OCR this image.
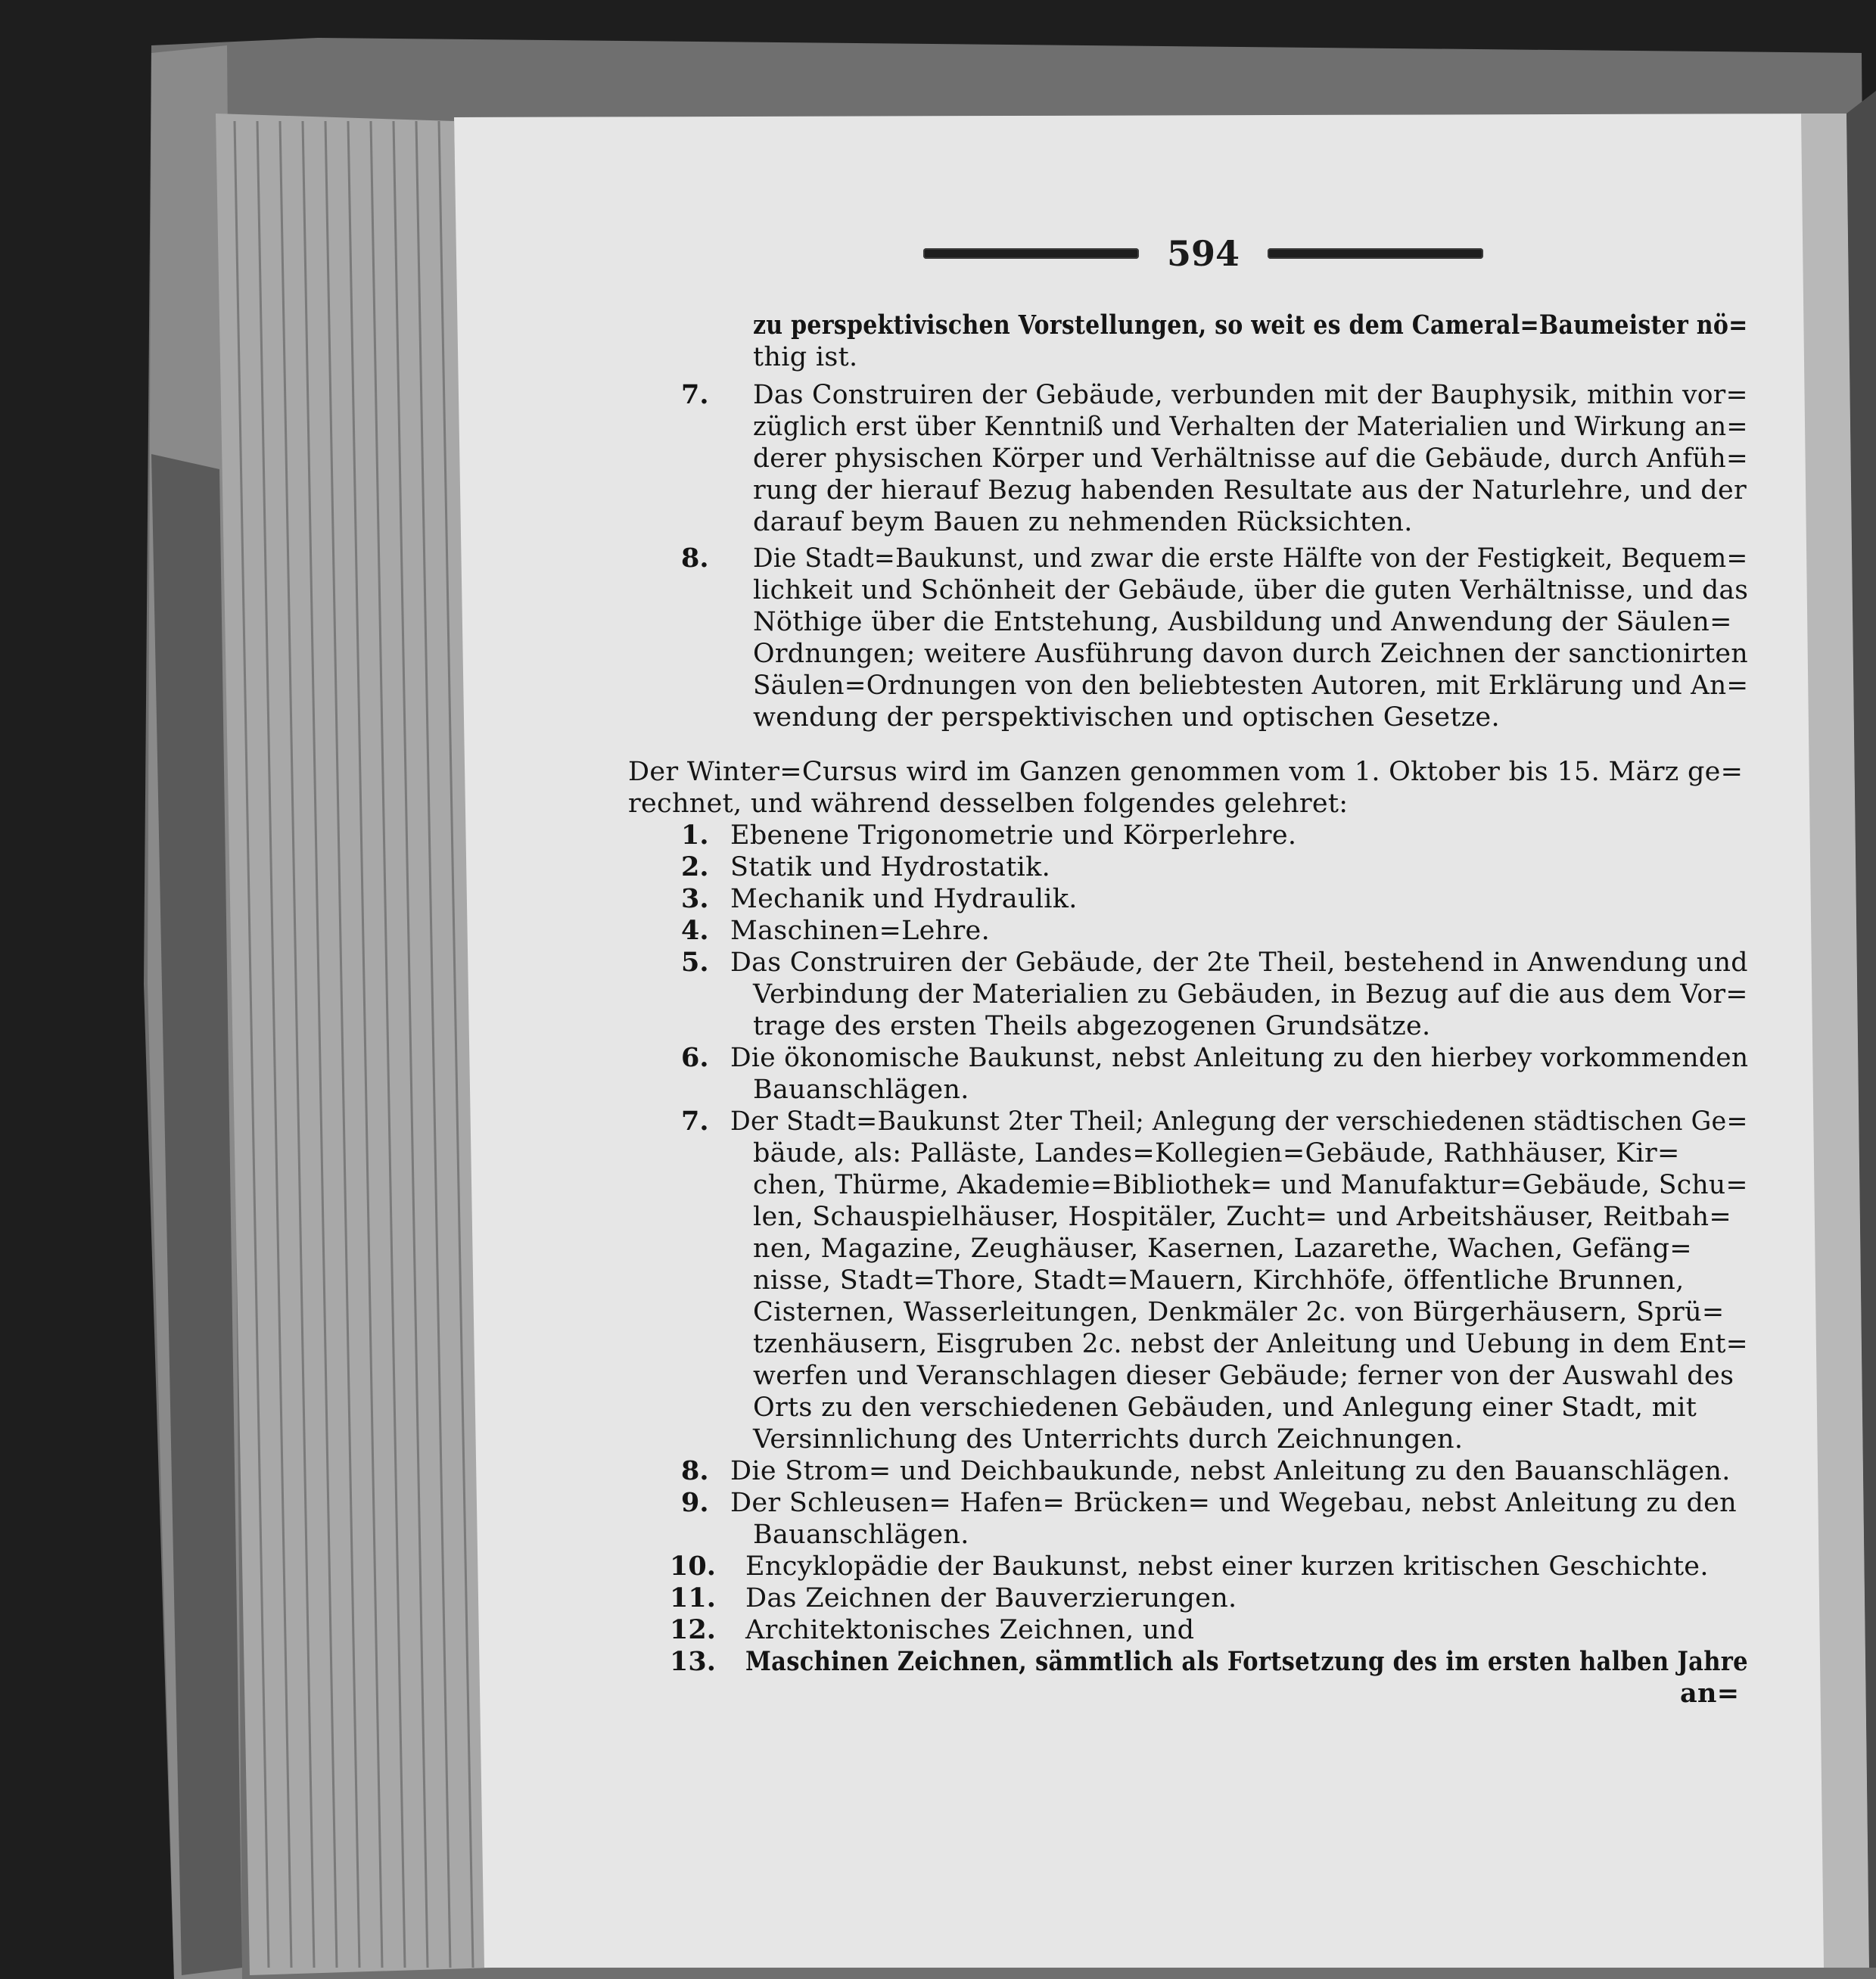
594
zu perspektivischen Vorstellungen, so weit es dem Cameral=Baumeister nö=
thig ist.
7. Das Construiren der Gebäude, verbunden mit der Bauphysik, mithin vor=
züglich erst über Kenntniß und Verhalten der Materialien und Wirkung an=
derer physischen Körper und Verhältnisse auf die Gebäude, durch Anfüh=
rung der hierauf Bezug habenden Resultate aus der Naturlehre, und der
darauf beym Bauen zu nehmenden Rücksichten.
8. Die Stadt=Baukunst, und zwar die erste Hälfte von der Festigkeit, Bequem=
lichkeit und Schönheit der Gebäude, über die guten Verhältnisse, und das
Nöthige über die Entstehung, Ausbildung und Anwendung der Säulen=
Ordnungen; weitere Ausführung davon durch Zeichnen der sanctionirten
Säulen=Ordnungen von den beliebtesten Autoren, mit Erklärung und An=
wendung der perspektivischen und optischen Gesetze.
Der Winter=Cursus wird im Ganzen genommen vom 1. Oktober bis 15. März ge=
rechnet, und während desselben folgendes gelehret:
1. Ebenene Trigonometrie und Körperlehre.
2. Statik und Hydrostatik.
3. Mechanik und Hydraulik.
4. Maschinen=Lehre.
5. Das Construiren der Gebäude, der 2te Theil, bestehend in Anwendung und
Verbindung der Materialien zu Gebäuden, in Bezug auf die aus dem Vor=
trage des ersten Theils abgezogenen Grundsätze.
6. Die ökonomische Baukunst, nebst Anleitung zu den hierbey vorkommenden
Bauanschlägen.
7. Der Stadt=Baukunst 2ter Theil; Anlegung der verschiedenen städtischen Ge=
bäude, als: Palläste, Landes=Kollegien=Gebäude, Rathhäuser, Kir=
chen, Thürme, Akademie=Bibliothek= und Manufaktur=Gebäude, Schu=
len, Schauspielhäuser, Hospitäler, Zucht= und Arbeitshäuser, Reitbah=
nen, Magazine, Zeughäuser, Kasernen, Lazarethe, Wachen, Gefäng=
nisse, Stadt=Thore, Stadt=Mauern, Kirchhöfe, öffentliche Brunnen,
Cisternen, Wasserleitungen, Denkmäler 2c. von Bürgerhäusern, Sprü=
tzenhäusern, Eisgruben 2c. nebst der Anleitung und Uebung in dem Ent=
werfen und Veranschlagen dieser Gebäude; ferner von der Auswahl des
Orts zu den verschiedenen Gebäuden, und Anlegung einer Stadt, mit
Versinnlichung des Unterrichts durch Zeichnungen.
8. Die Strom= und Deichbaukunde, nebst Anleitung zu den Bauanschlägen.
9. Der Schleusen= Hafen= Brücken= und Wegebau, nebst Anleitung zu den
Bauanschlägen.
10. Encyklopädie der Baukunst, nebst einer kurzen kritischen Geschichte.
11. Das Zeichnen der Bauverzierungen.
12. Architektonisches Zeichnen, und
13. Maschinen Zeichnen, sämmtlich als Fortsetzung des im ersten halben Jahre
an=
